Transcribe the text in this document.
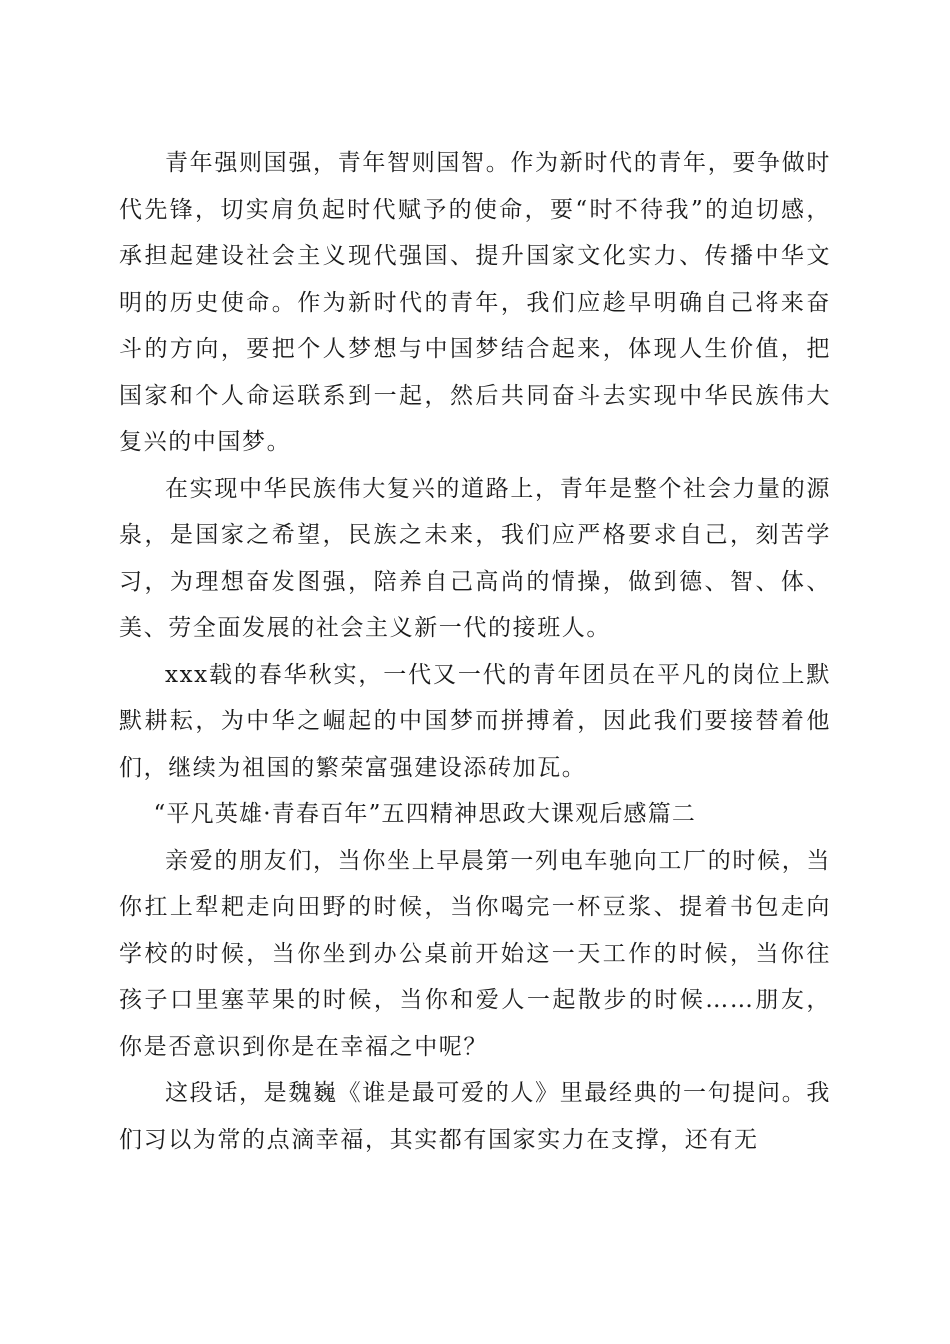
青年强则国强，青年智则国智。作为新时代的青年，要争做时代先锋，切实肩负起时代赋予的使命，要“时不待我”的迫切感，承担起建设社会主义现代强国、提升国家文化实力、传播中华文明的历史使命。作为新时代的青年，我们应趁早明确自己将来奋斗的方向，要把个人梦想与中国梦结合起来，体现人生价值，把国家和个人命运联系到一起，然后共同奋斗去实现中华民族伟大复兴的中国梦。

在实现中华民族伟大复兴的道路上，青年是整个社会力量的源泉，是国家之希望，民族之未来，我们应严格要求自己，刻苦学习，为理想奋发图强，陪养自己高尚的情操，做到德、智、体、美、劳全面发展的社会主义新一代的接班人。

xxx载的春华秋实，一代又一代的青年团员在平凡的岗位上默默耕耘，为中华之崛起的中国梦而拼搏着，因此我们要接替着他们，继续为祖国的繁荣富强建设添砖加瓦。

“平凡英雄·青春百年”五四精神思政大课观后感篇二

亲爱的朋友们，当你坐上早晨第一列电车驰向工厂的时候，当你扛上犁耙走向田野的时候，当你喝完一杯豆浆、提着书包走向学校的时候，当你坐到办公桌前开始这一天工作的时候，当你往孩子口里塞苹果的时候，当你和爱人一起散步的时候……朋友，你是否意识到你是在幸福之中呢？

这段话，是魏巍《谁是最可爱的人》里最经典的一句提问。我们习以为常的点滴幸福，其实都有国家实力在支撑，还有无
